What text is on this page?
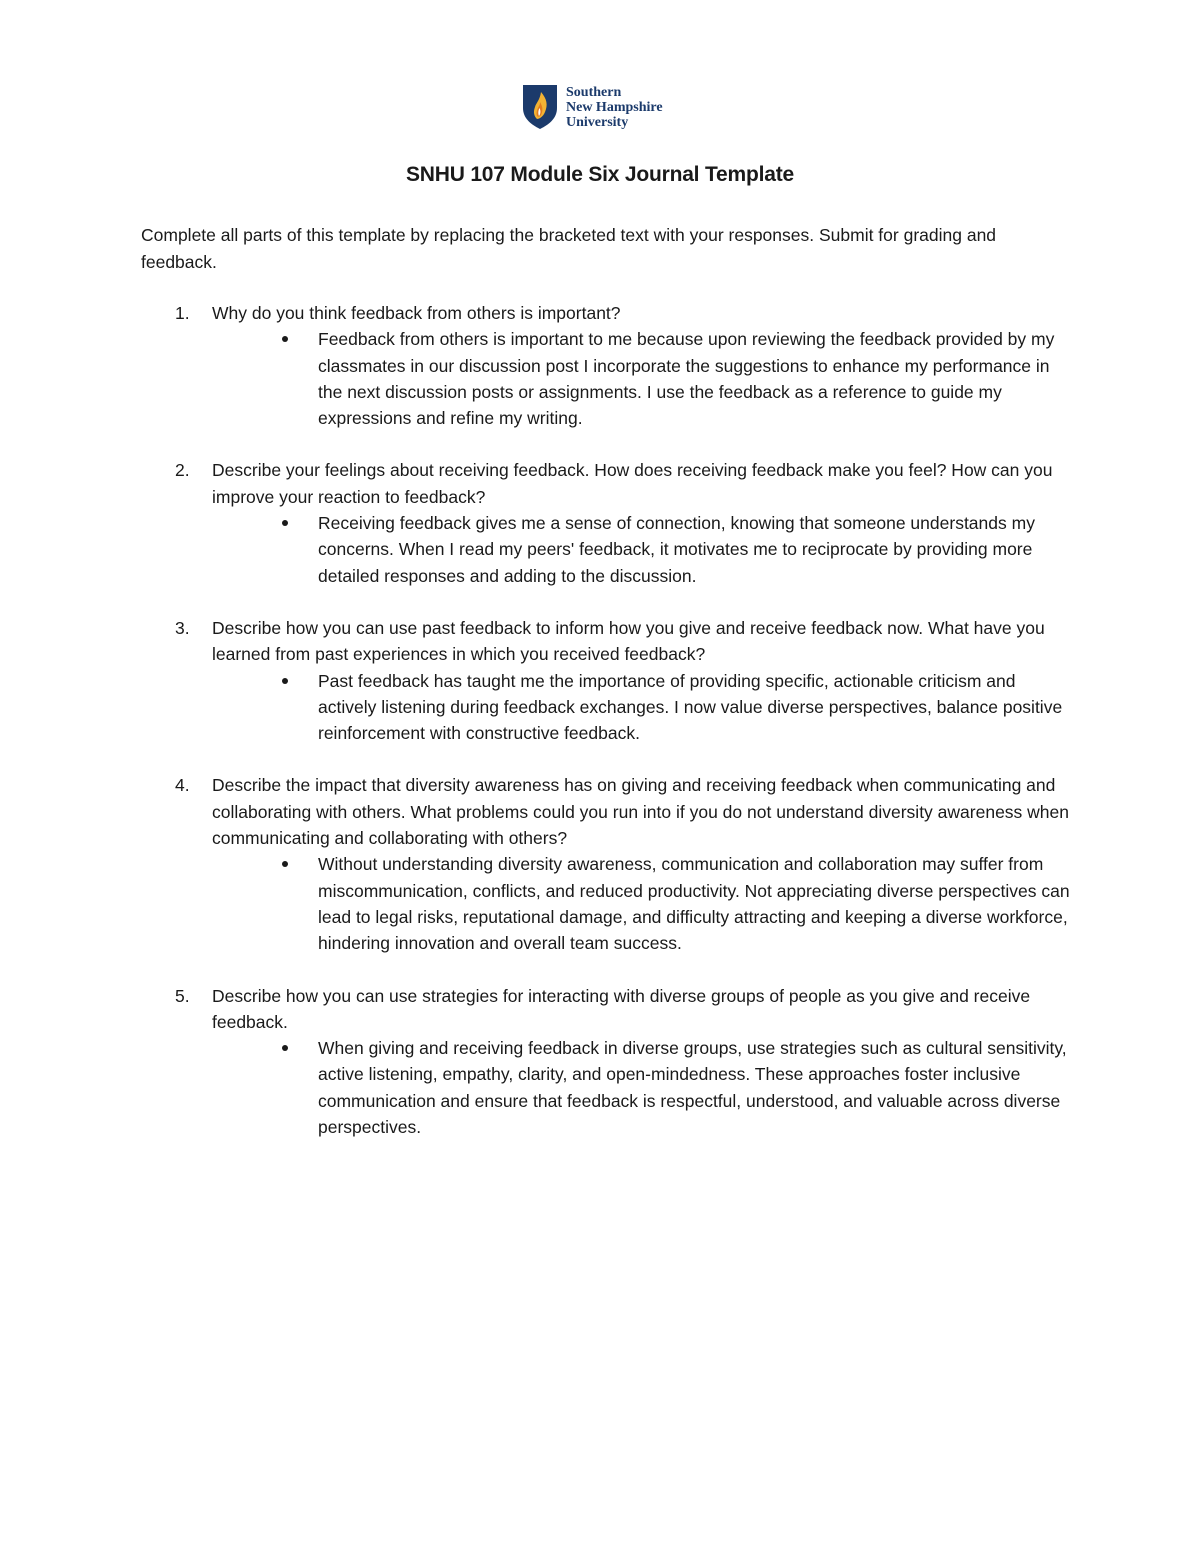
Southern
New Hampshire
University
SNHU 107 Module Six Journal Template

Complete all parts of this template by replacing the bracketed text with your responses. Submit for grading and feedback.

1. Why do you think feedback from others is important?
Feedback from others is important to me because upon reviewing the feedback provided by my classmates in our discussion post I incorporate the suggestions to enhance my performance in the next discussion posts or assignments. I use the feedback as a reference to guide my expressions and refine my writing.
2. Describe your feelings about receiving feedback. How does receiving feedback make you feel? How can you improve your reaction to feedback?
Receiving feedback gives me a sense of connection, knowing that someone understands my concerns. When I read my peers' feedback, it motivates me to reciprocate by providing more detailed responses and adding to the discussion.
3. Describe how you can use past feedback to inform how you give and receive feedback now. What have you learned from past experiences in which you received feedback?
Past feedback has taught me the importance of providing specific, actionable criticism and actively listening during feedback exchanges. I now value diverse perspectives, balance positive reinforcement with constructive feedback.
4. Describe the impact that diversity awareness has on giving and receiving feedback when communicating and collaborating with others. What problems could you run into if you do not understand diversity awareness when communicating and collaborating with others?
Without understanding diversity awareness, communication and collaboration may suffer from miscommunication, conflicts, and reduced productivity. Not appreciating diverse perspectives can lead to legal risks, reputational damage, and difficulty attracting and keeping a diverse workforce, hindering innovation and overall team success.
5. Describe how you can use strategies for interacting with diverse groups of people as you give and receive feedback.
When giving and receiving feedback in diverse groups, use strategies such as cultural sensitivity, active listening, empathy, clarity, and open-mindedness. These approaches foster inclusive communication and ensure that feedback is respectful, understood, and valuable across diverse perspectives.
